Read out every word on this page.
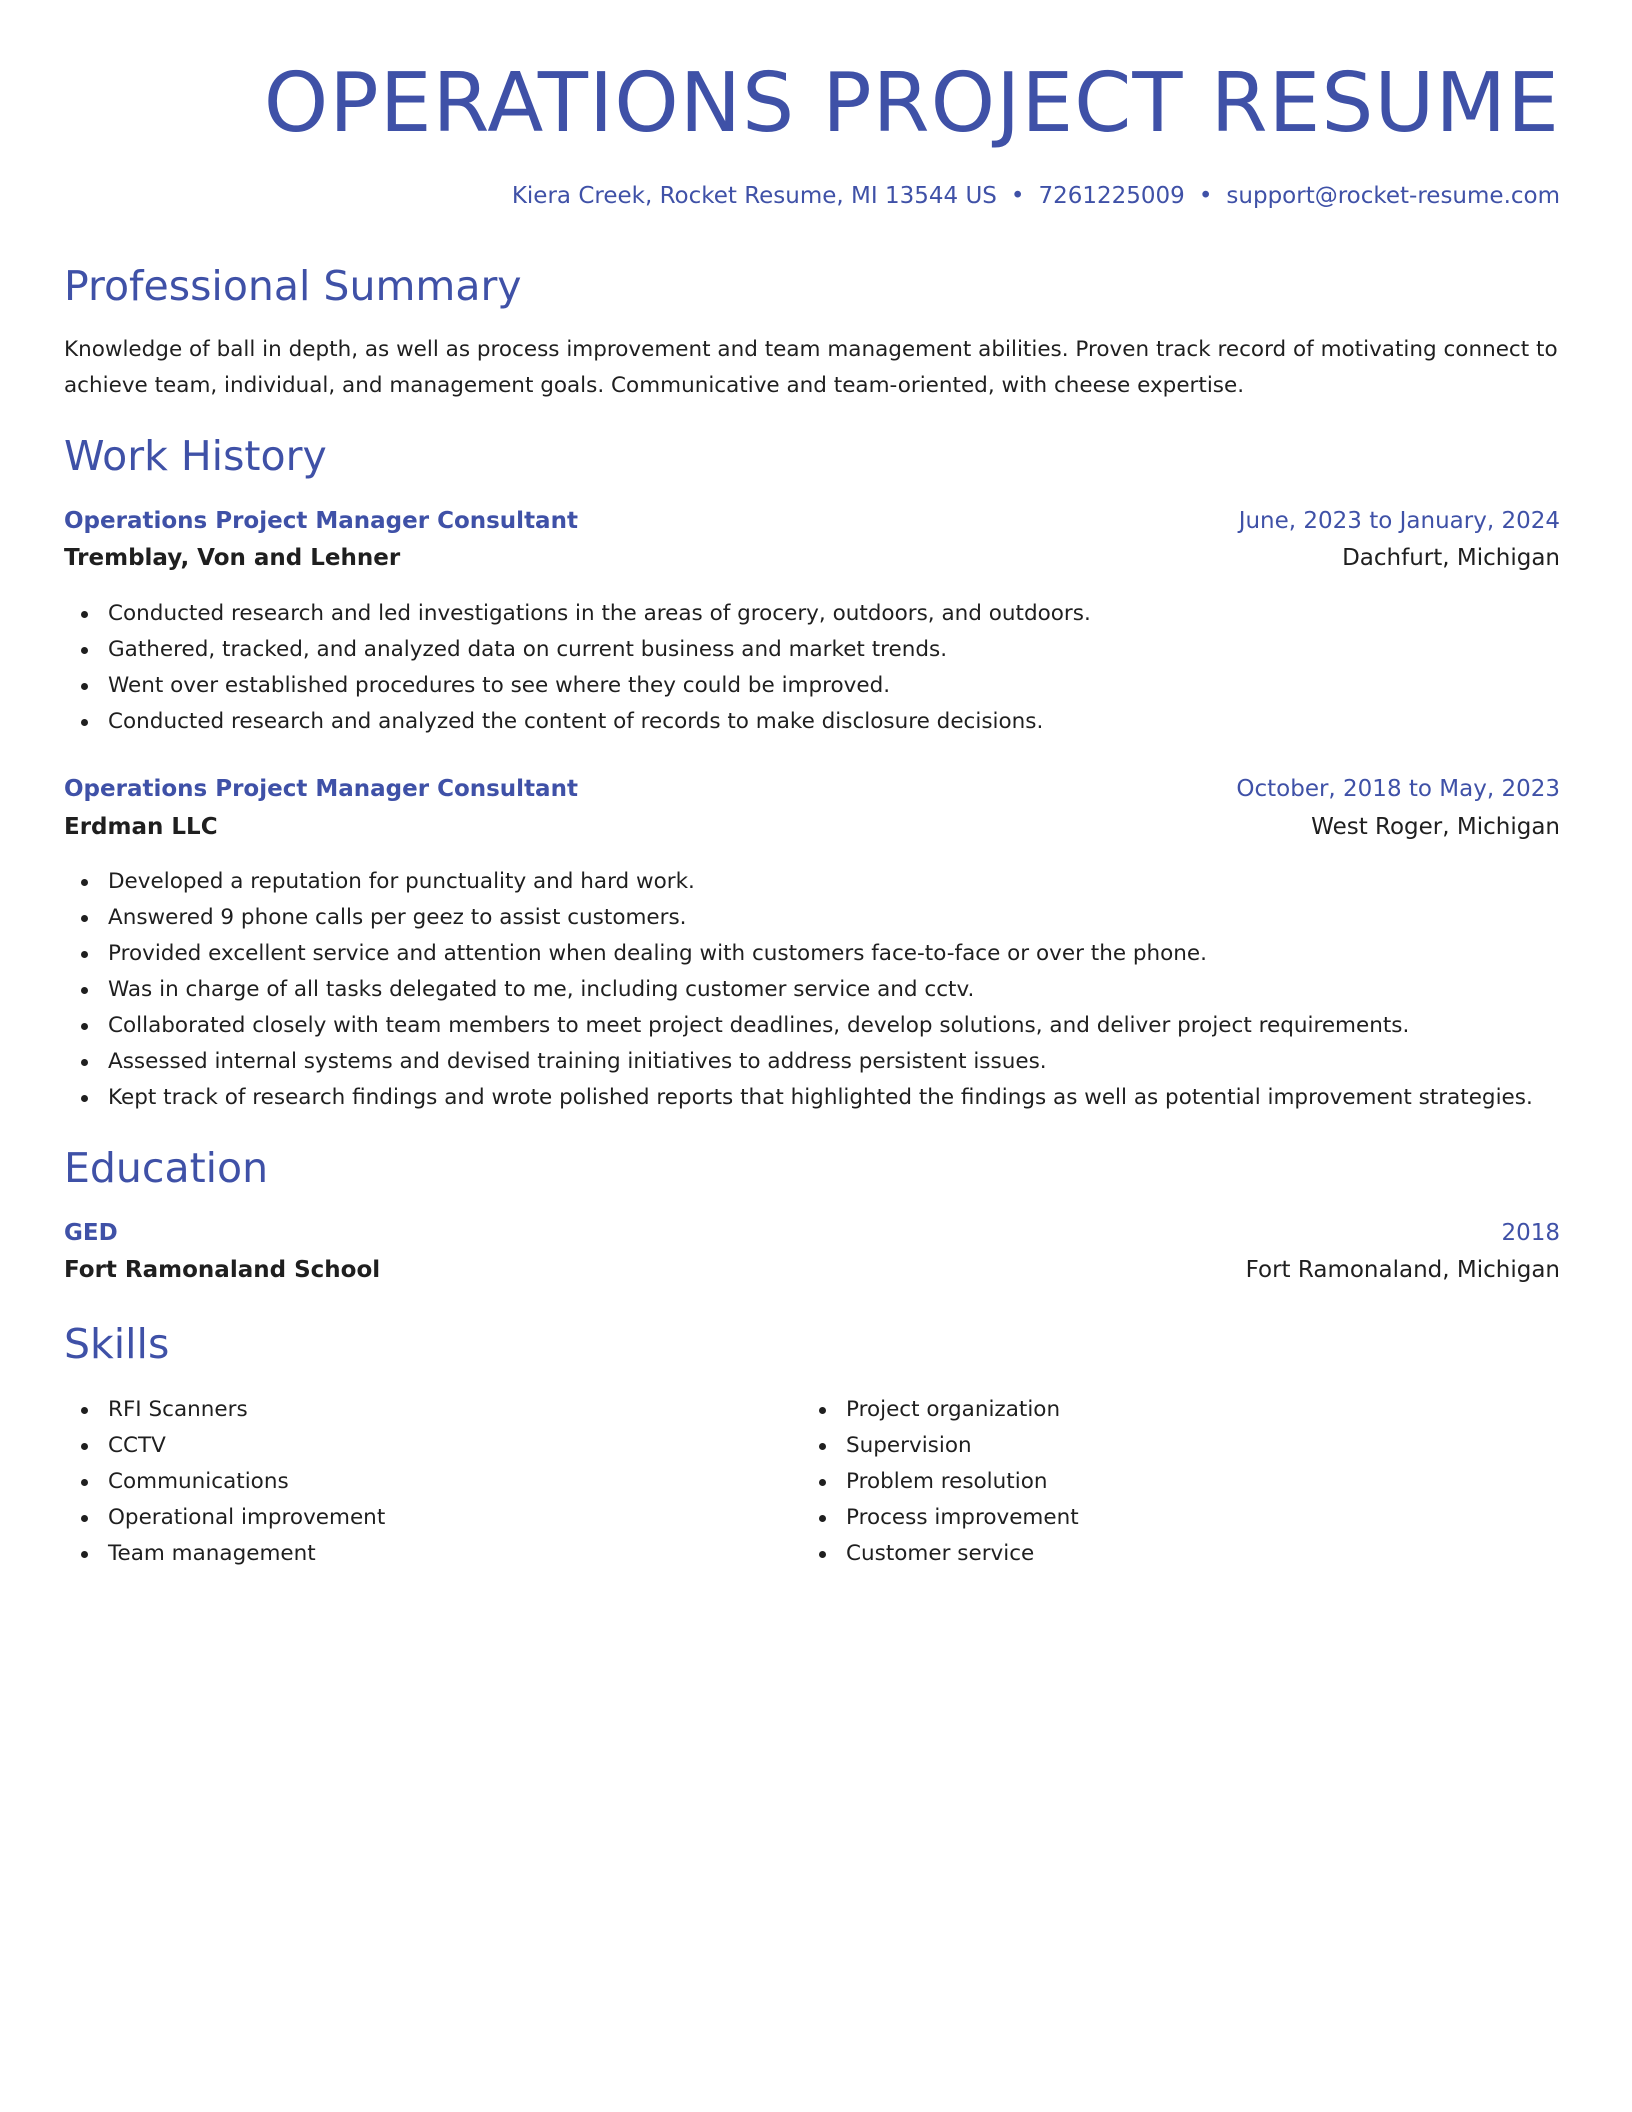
OPERATIONS PROJECT RESUME
Kiera Creek, Rocket Resume, MI 13544 US • 7261225009 • support@rocket-resume.com
Professional Summary

Knowledge of ball in depth, as well as process improvement and team management abilities. Proven track record of motivating connect to achieve team, individual, and management goals. Communicative and team-oriented, with cheese expertise.

Work History
Operations Project Manager Consultant	June, 2023 to January, 2024
Tremblay, Von and Lehner	Dachfurt, Michigan
Conducted research and led investigations in the areas of grocery, outdoors, and outdoors.
Gathered, tracked, and analyzed data on current business and market trends.
Went over established procedures to see where they could be improved.
Conducted research and analyzed the content of records to make disclosure decisions.
Operations Project Manager Consultant	October, 2018 to May, 2023
Erdman LLC	West Roger, Michigan
Developed a reputation for punctuality and hard work.
Answered 9 phone calls per geez to assist customers.
Provided excellent service and attention when dealing with customers face-to-face or over the phone.
Was in charge of all tasks delegated to me, including customer service and cctv.
Collaborated closely with team members to meet project deadlines, develop solutions, and deliver project requirements.
Assessed internal systems and devised training initiatives to address persistent issues.
Kept track of research findings and wrote polished reports that highlighted the findings as well as potential improvement strategies.
Education
GED	2018
Fort Ramonaland School	Fort Ramonaland, Michigan
Skills
RFI Scanners
CCTV
Communications
Operational improvement
Team management
Project organization
Supervision
Problem resolution
Process improvement
Customer service
